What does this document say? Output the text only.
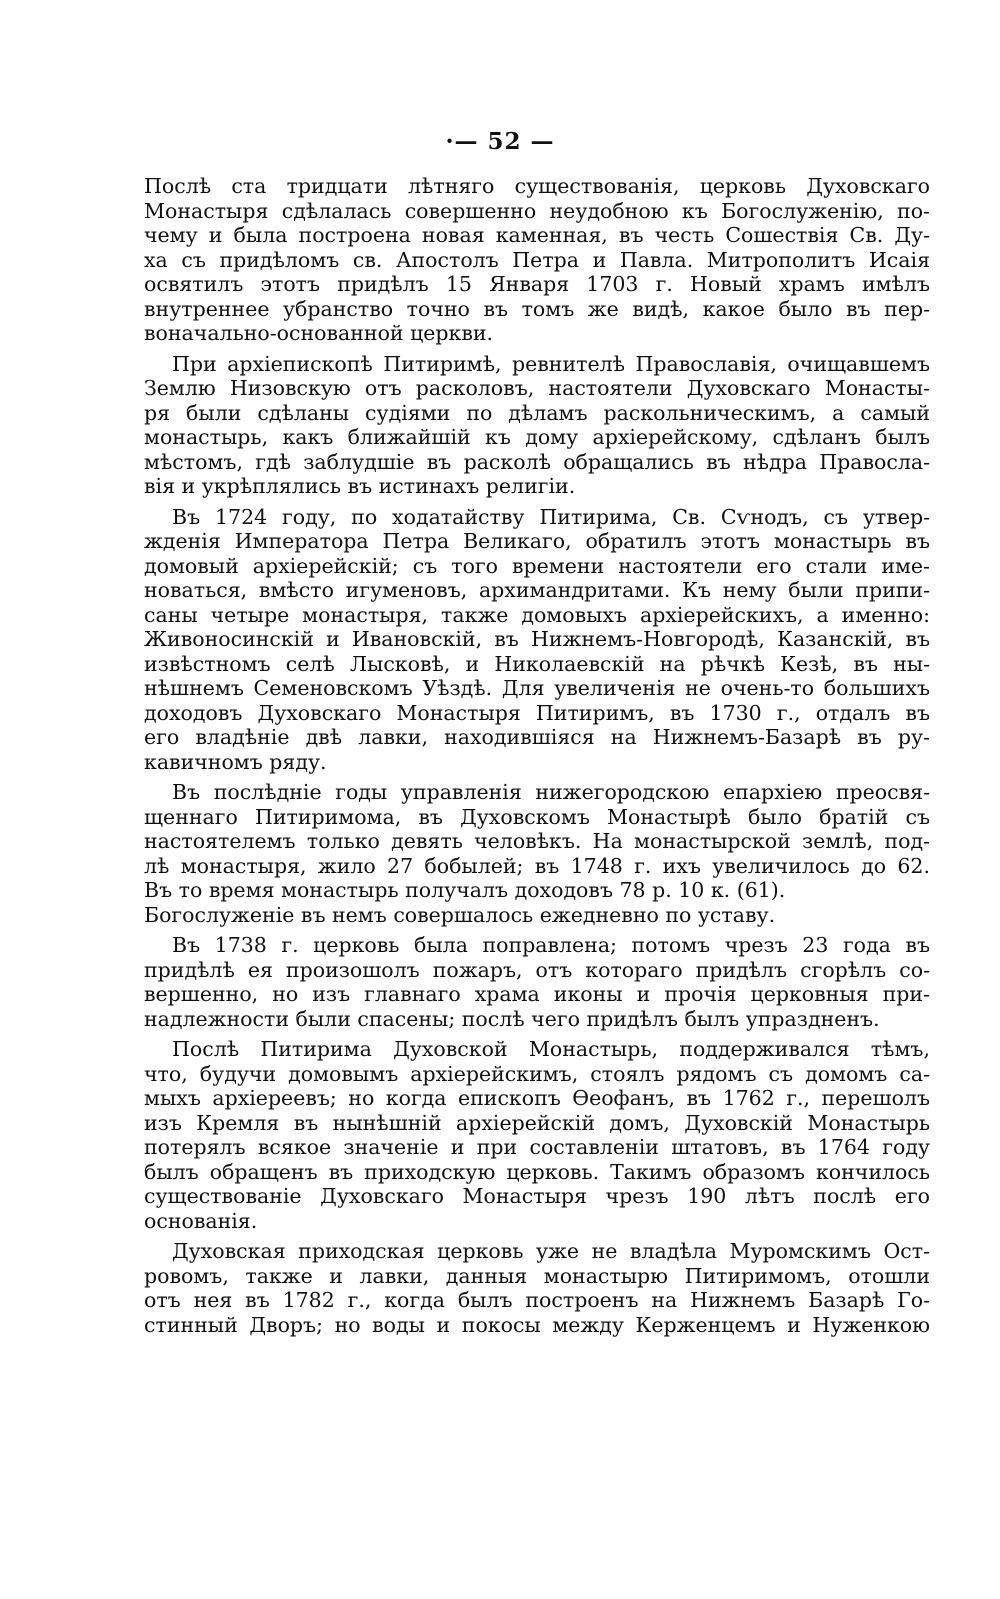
·— 52 —
Послѣ ста тридцати лѣтняго существованія, церковь Духовскаго
Монастыря сдѣлалась совершенно неудобною къ Богослуженію, по-
чему и была построена новая каменная, въ честь Сошествія Св. Ду-
ха съ придѣломъ св. Апостолъ Петра и Павла. Митрополитъ Исаія
освятилъ этотъ придѣлъ 15 Января 1703 г. Новый храмъ имѣлъ
внутреннее убранство точно въ томъ же видѣ, какое было въ пер-
воначально-основанной церкви.
При архіепископѣ Питиримѣ, ревнителѣ Православія, очищавшемъ
Землю Низовскую отъ расколовъ, настоятели Духовскаго Монасты-
ря были сдѣланы судіями по дѣламъ раскольническимъ, а самый
монастырь, какъ ближайшій къ дому архіерейскому, сдѣланъ былъ
мѣстомъ, гдѣ заблудшіе въ расколѣ обращались въ нѣдра Правосла-
вія и укрѣплялись въ истинахъ религіи.
Въ 1724 году, по ходатайству Питирима, Св. Сѵнодъ, съ утвер-
жденія Императора Петра Великаго, обратилъ этотъ монастырь въ
домовый архіерейскій; съ того времени настоятели его стали име-
новаться, вмѣсто игуменовъ, архимандритами. Къ нему были припи-
саны четыре монастыря, также домовыхъ архіерейскихъ, а именно:
Живоносинскій и Ивановскій, въ Нижнемъ-Новгородѣ, Казанскій, въ
извѣстномъ селѣ Лысковѣ, и Николаевскій на рѣчкѣ Кезѣ, въ ны-
нѣшнемъ Семеновскомъ Уѣздѣ. Для увеличенія не очень-то большихъ
доходовъ Духовскаго Монастыря Питиримъ, въ 1730 г., отдалъ въ
его владѣніе двѣ лавки, находившіяся на Нижнемъ-Базарѣ въ ру-
кавичномъ ряду.
Въ послѣдніе годы управленія нижегородскою епархіею преосвя-
щеннаго Питиримома, въ Духовскомъ Монастырѣ было братій съ
настоятелемъ только девять человѣкъ. На монастырской землѣ, под-
лѣ монастыря, жило 27 бобылей; въ 1748 г. ихъ увеличилось до 62.
Въ то время монастырь получалъ доходовъ 78 р. 10 к. (61).
Богослуженіе въ немъ совершалось ежедневно по уставу.
Въ 1738 г. церковь была поправлена; потомъ чрезъ 23 года въ
придѣлѣ ея произошолъ пожаръ, отъ котораго придѣлъ сгорѣлъ со-
вершенно, но изъ главнаго храма иконы и прочія церковныя при-
надлежности были спасены; послѣ чего придѣлъ былъ упраздненъ.
Послѣ Питирима Духовской Монастырь, поддерживался тѣмъ,
что, будучи домовымъ архіерейскимъ, стоялъ рядомъ съ домомъ са-
мыхъ архіереевъ; но когда епископъ Ѳеофанъ, въ 1762 г., перешолъ
изъ Кремля въ нынѣшній архіерейскій домъ, Духовскій Монастырь
потерялъ всякое значеніе и при составленіи штатовъ, въ 1764 году
былъ обращенъ въ приходскую церковь. Такимъ образомъ кончилось
существованіе Духовскаго Монастыря чрезъ 190 лѣтъ послѣ его
основанія.
Духовская приходская церковь уже не владѣла Муромскимъ Ост-
ровомъ, также и лавки, данныя монастырю Питиримомъ, отошли
отъ нея въ 1782 г., когда былъ построенъ на Нижнемъ Базарѣ Го-
стинный Дворъ; но воды и покосы между Керженцемъ и Нуженкою
